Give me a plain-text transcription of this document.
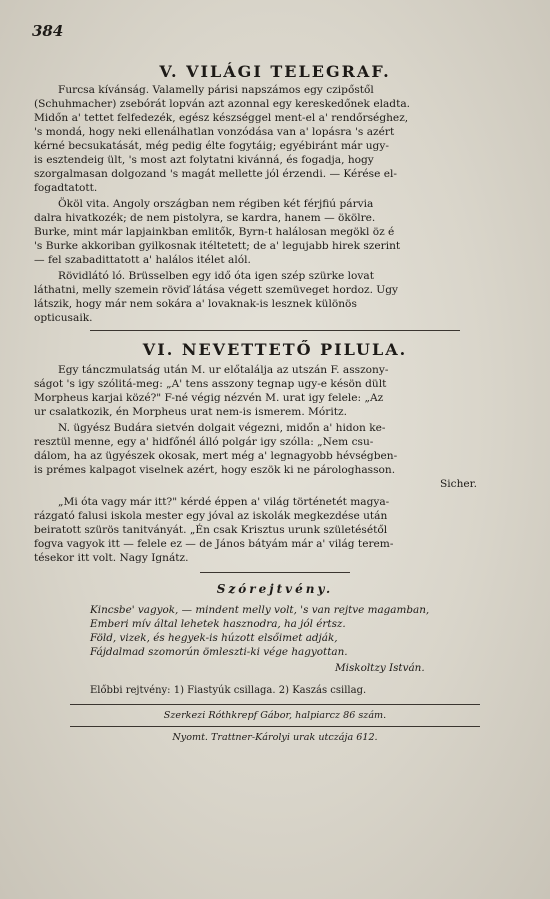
384
V. VILÁGI TELEGRAF.
Furcsa kívánság. Valamelly párisi napszámos egy czipőstől
(Schuhmacher) zsebórát lopván azt azonnal egy kereskedőnek eladta.
Midőn a' tettet felfedezék, egész készséggel ment-el a' rendőrséghez,
's mondá, hogy neki ellenálhatlan vonzódása van a' lopásra 's azért
kérné becsukatását, még pedig élte fogytáig; egyébiránt már ugy-
is esztendeig ült, 's most azt folytatni kivánná, és fogadja, hogy
szorgalmasan dolgozand 's magát mellette jól érzendi. — Kérése el-
fogadtatott.
Ököl vita. Angoly országban nem régiben két férjfiú párvia
dalra hivatkozék; de nem pistolyra, se kardra, hanem — ökölre.
Burke, mint már lapjainkban emlitők, Byrn-t halálosan megökl öz é
's Burke akkoriban gyilkosnak itéltetett; de a' legujabb hirek szerint
— fel szabadittatott a' halálos itélet alól.
Rövidlátó ló. Brüsselben egy idő óta igen szép szürke lovat
láthatni, melly szemein röviď látása végett szemüveget hordoz. Ugy
látszik, hogy már nem sokára a' lovaknak-is lesznek különös
opticusaik.
VI. NEVETTETŐ PILULA.
Egy tánczmulatság után M. ur előtalálja az utszán F. asszony-
ságot 's igy szólitá-meg: „A' tens asszony tegnap ugy-e késön dült
Morpheus karjai közé?" F-né végig nézvén M. urat igy felele: „Az
ur csalatkozik, én Morpheus urat nem-is ismerem. Móritz.
N. ügyész Budára sietvén dolgait végezni, midőn a' hidon ke-
resztül menne, egy a' hidfőnél álló polgár igy szólla: „Nem csu-
dálom, ha az ügyészek okosak, mert még a' legnagyobb hévségben-
is prémes kalpagot viselnek azért, hogy eszök ki ne párologhasson.
Sicher.
„Mi óta vagy már itt?" kérdé éppen a' világ történetét magya-
rázgató falusi iskola mester egy jóval az iskolák megkezdése után
beiratott szürös tanitványát. „Én csak Krisztus urunk születésétől
fogva vagyok itt — felele ez — de János bátyám már a' világ terem-
tésekor itt volt. Nagy Ignátz.
Szórejtvény.
Kincsbe' vagyok, — mindent melly volt, 's van rejtve magamban,
Emberi mív által lehetek hasznodra, ha jól értsz.
Föld, vizek, és hegyek-is húzott elsőimet adják,
Fájdalmad szomorún ömleszti-ki vége hagyottan.
Miskoltzy István.
Előbbi rejtvény: 1) Fiastyúk csillaga. 2) Kaszás csillag.
Szerkezi Róthkrepf Gábor, halpiarcz 86 szám.
Nyomt. Trattner-Károlyi urak utczája 612.
